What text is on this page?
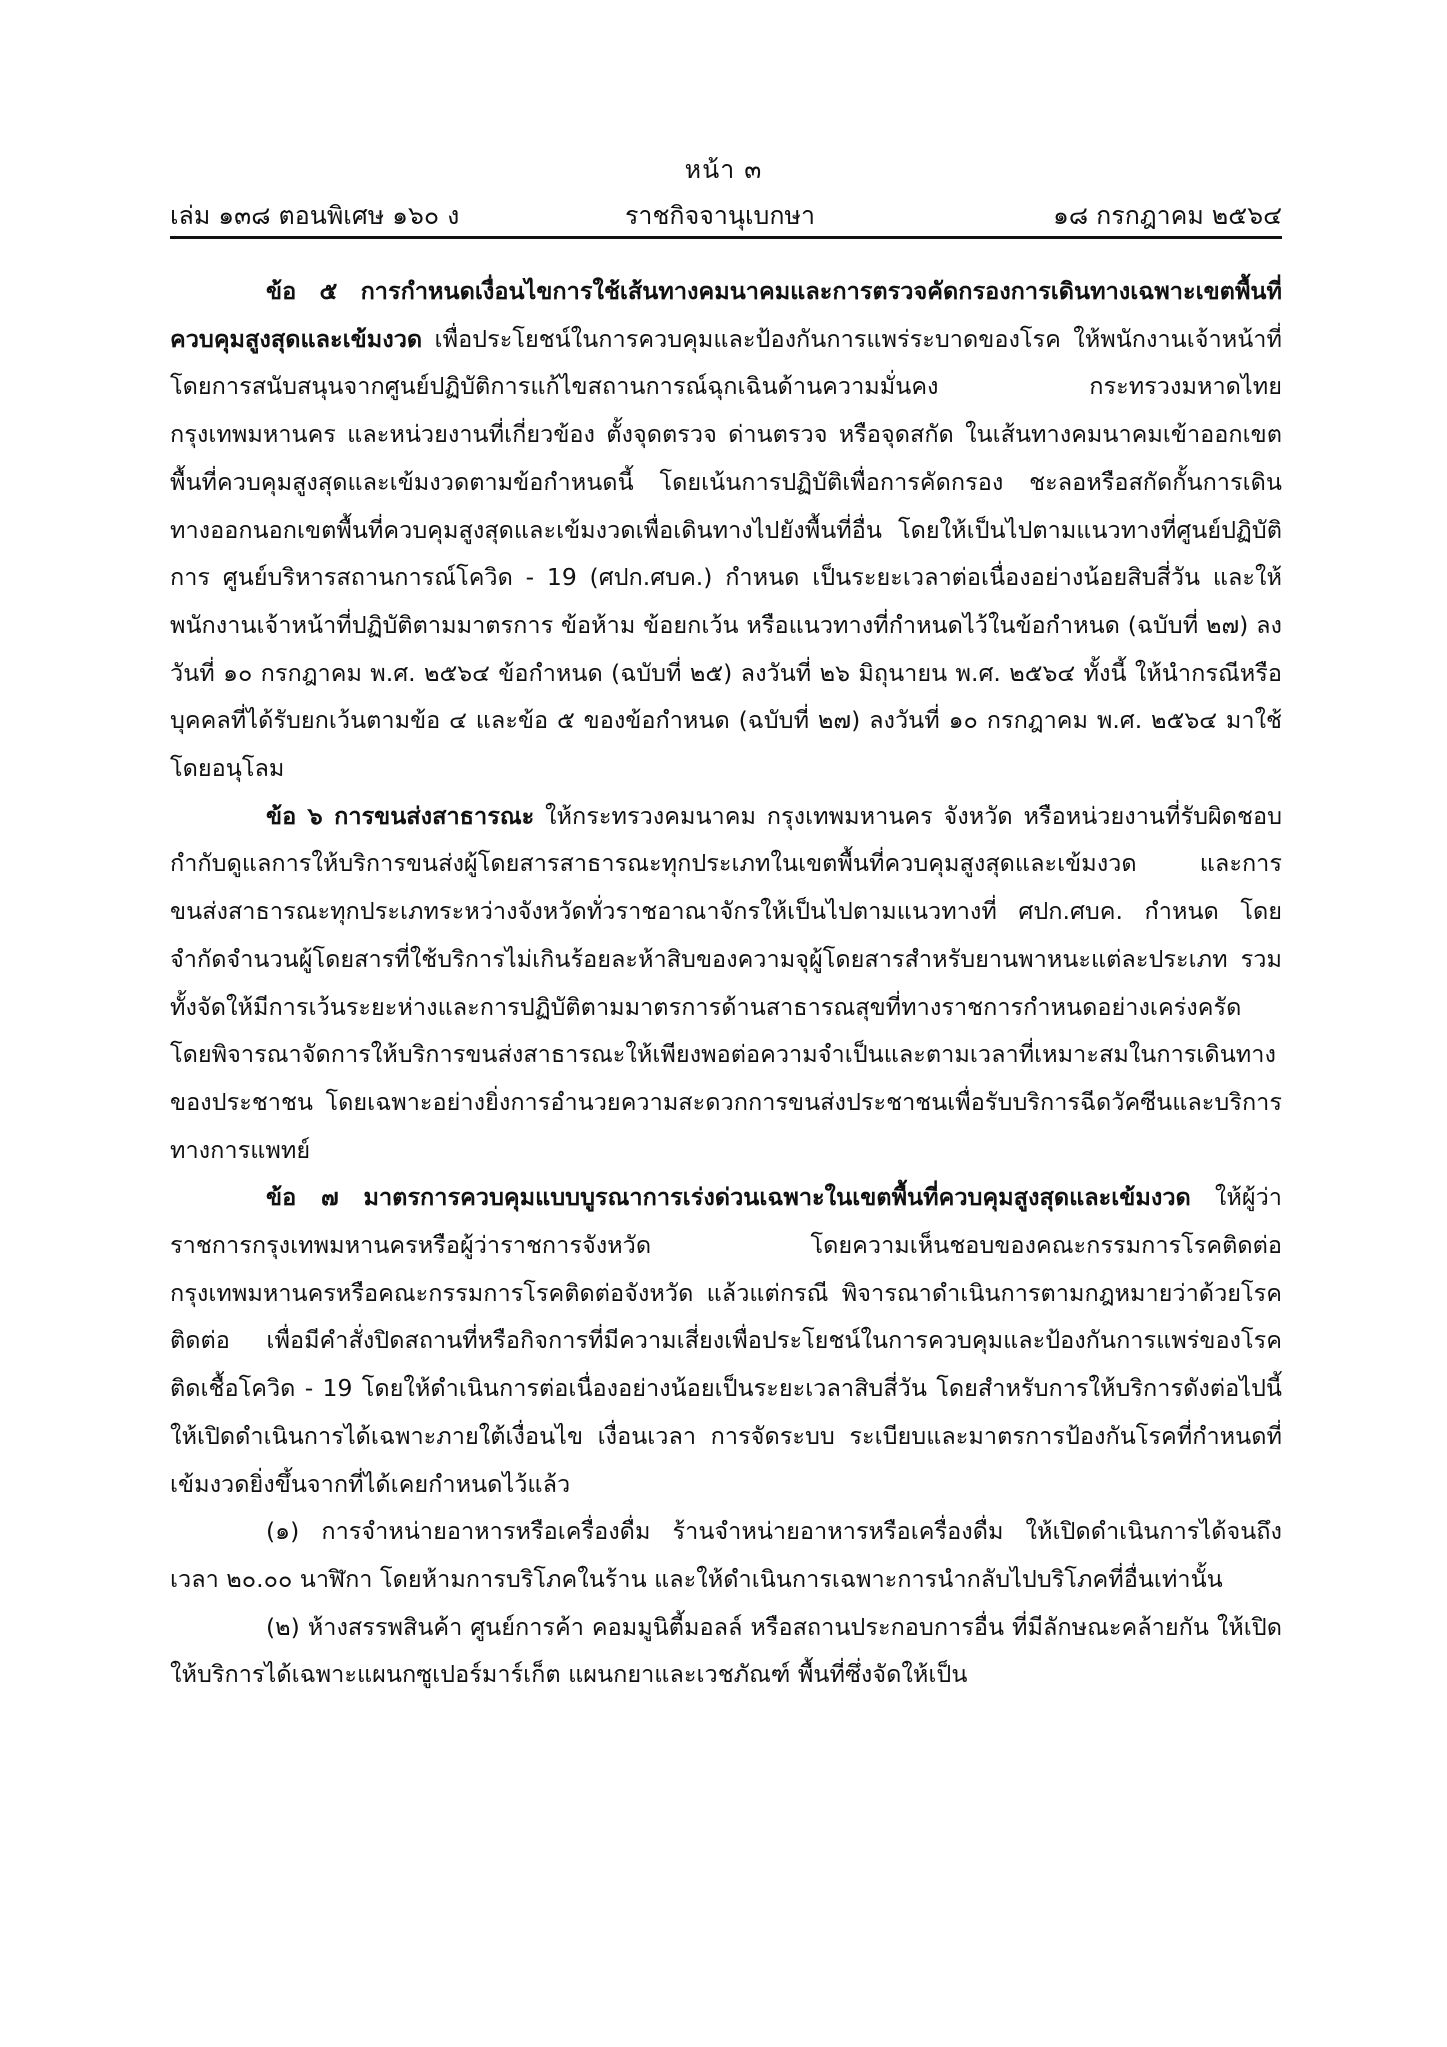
หน้า ๓
เล่ม ๑๓๘ ตอนพิเศษ ๑๖๐ ง	ราชกิจจานุเบกษา	๑๘ กรกฎาคม ๒๕๖๔

ข้อ ๕ การกำหนดเงื่อนไขการใช้เส้นทางคมนาคมและการตรวจคัดกรองการเดินทางเฉพาะเขตพื้นที่ควบคุมสูงสุดและเข้มงวด เพื่อประโยชน์ในการควบคุมและป้องกันการแพร่ระบาดของโรค ให้พนักงานเจ้าหน้าที่โดยการสนับสนุนจากศูนย์ปฏิบัติการแก้ไขสถานการณ์ฉุกเฉินด้านความมั่นคง กระทรวงมหาดไทย กรุงเทพมหานคร และหน่วยงานที่เกี่ยวข้อง ตั้งจุดตรวจ ด่านตรวจ หรือจุดสกัด ในเส้นทางคมนาคมเข้าออกเขตพื้นที่ควบคุมสูงสุดและเข้มงวดตามข้อกำหนดนี้ โดยเน้นการปฏิบัติเพื่อการคัดกรอง ชะลอหรือสกัดกั้นการเดินทางออกนอกเขตพื้นที่ควบคุมสูงสุดและเข้มงวดเพื่อเดินทางไปยังพื้นที่อื่น โดยให้เป็นไปตามแนวทางที่ศูนย์ปฏิบัติการ ศูนย์บริหารสถานการณ์โควิด - 19 (ศปก.ศบค.) กำหนด เป็นระยะเวลาต่อเนื่องอย่างน้อยสิบสี่วัน และให้พนักงานเจ้าหน้าที่ปฏิบัติตามมาตรการ ข้อห้าม ข้อยกเว้น หรือแนวทางที่กำหนดไว้ในข้อกำหนด (ฉบับที่ ๒๗) ลงวันที่ ๑๐ กรกฎาคม พ.ศ. ๒๕๖๔ ข้อกำหนด (ฉบับที่ ๒๕) ลงวันที่ ๒๖ มิถุนายน พ.ศ. ๒๕๖๔ ทั้งนี้ ให้นำกรณีหรือบุคคลที่ได้รับยกเว้นตามข้อ ๔ และข้อ ๕ ของข้อกำหนด (ฉบับที่ ๒๗) ลงวันที่ ๑๐ กรกฎาคม พ.ศ. ๒๕๖๔ มาใช้โดยอนุโลม

ข้อ ๖ การขนส่งสาธารณะ ให้กระทรวงคมนาคม กรุงเทพมหานคร จังหวัด หรือหน่วยงานที่รับผิดชอบกำกับดูแลการให้บริการขนส่งผู้โดยสารสาธารณะทุกประเภทในเขตพื้นที่ควบคุมสูงสุดและเข้มงวด และการขนส่งสาธารณะทุกประเภทระหว่างจังหวัดทั่วราชอาณาจักรให้เป็นไปตามแนวทางที่ ศปก.ศบค. กำหนด โดยจำกัดจำนวนผู้โดยสารที่ใช้บริการไม่เกินร้อยละห้าสิบของความจุผู้โดยสารสำหรับยานพาหนะแต่ละประเภท รวมทั้งจัดให้มีการเว้นระยะห่างและการปฏิบัติตามมาตรการด้านสาธารณสุขที่ทางราชการกำหนดอย่างเคร่งครัด โดยพิจารณาจัดการให้บริการขนส่งสาธารณะให้เพียงพอต่อความจำเป็นและตามเวลาที่เหมาะสมในการเดินทางของประชาชน โดยเฉพาะอย่างยิ่งการอำนวยความสะดวกการขนส่งประชาชนเพื่อรับบริการฉีดวัคซีนและบริการทางการแพทย์

ข้อ ๗ มาตรการควบคุมแบบบูรณาการเร่งด่วนเฉพาะในเขตพื้นที่ควบคุมสูงสุดและเข้มงวด ให้ผู้ว่าราชการกรุงเทพมหานครหรือผู้ว่าราชการจังหวัด โดยความเห็นชอบของคณะกรรมการโรคติดต่อกรุงเทพมหานครหรือคณะกรรมการโรคติดต่อจังหวัด แล้วแต่กรณี พิจารณาดำเนินการตามกฎหมายว่าด้วยโรคติดต่อ เพื่อมีคำสั่งปิดสถานที่หรือกิจการที่มีความเสี่ยงเพื่อประโยชน์ในการควบคุมและป้องกันการแพร่ของโรคติดเชื้อโควิด - 19 โดยให้ดำเนินการต่อเนื่องอย่างน้อยเป็นระยะเวลาสิบสี่วัน โดยสำหรับการให้บริการดังต่อไปนี้ ให้เปิดดำเนินการได้เฉพาะภายใต้เงื่อนไข เงื่อนเวลา การจัดระบบ ระเบียบและมาตรการป้องกันโรคที่กำหนดที่เข้มงวดยิ่งขึ้นจากที่ได้เคยกำหนดไว้แล้ว

(๑) การจำหน่ายอาหารหรือเครื่องดื่ม ร้านจำหน่ายอาหารหรือเครื่องดื่ม ให้เปิดดำเนินการได้จนถึงเวลา ๒๐.๐๐ นาฬิกา โดยห้ามการบริโภคในร้าน และให้ดำเนินการเฉพาะการนำกลับไปบริโภคที่อื่นเท่านั้น

(๒) ห้างสรรพสินค้า ศูนย์การค้า คอมมูนิตี้มอลล์ หรือสถานประกอบการอื่น ที่มีลักษณะคล้ายกัน ให้เปิดให้บริการได้เฉพาะแผนกซูเปอร์มาร์เก็ต แผนกยาและเวชภัณฑ์ พื้นที่ซึ่งจัดให้เป็น
